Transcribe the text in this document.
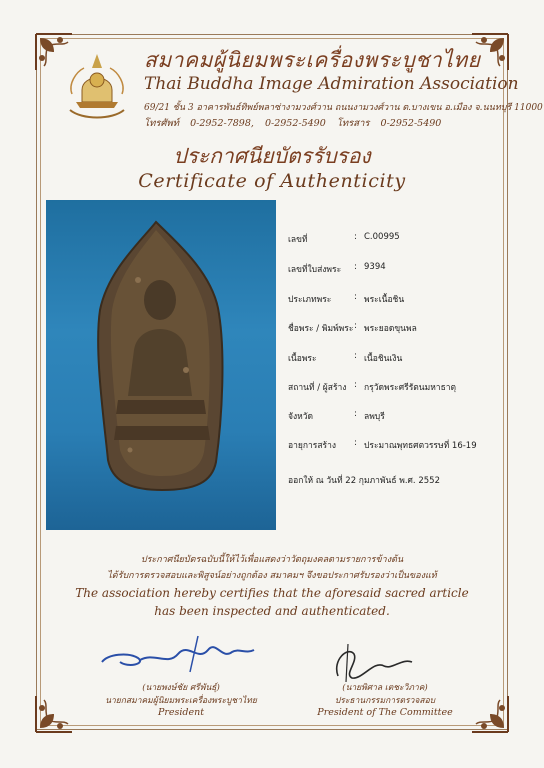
สมาคมผู้นิยมพระเครื่องพระบูชาไทย
Thai Buddha Image Admiration Association
69/21 ชั้น 3 อาคารพันธ์ทิพย์พลาซ่างามวงศ์วาน ถนนงามวงศ์วาน ต.บางเขน อ.เมือง จ.นนทบุรี 11000
โทรศัพท์ 0-2952-7898, 0-2952-5490 โทรสาร 0-2952-5490
ประกาศนียบัตรรับรอง
Certificate of Authenticity
เลขที่	: C.00995
เลขที่ใบส่งพระ : 9394
ประเภทพระ	: พระเนื้อชิน
ชื่อพระ / พิมพ์พระ : พระยอดขุนพล
เนื้อพระ	: เนื้อชินเงิน
สถานที่ / ผู้สร้าง : กรุวัดพระศรีรัตนมหาธาตุ
จังหวัด	: ลพบุรี
อายุการสร้าง : ประมาณพุทธศตวรรษที่ 16-19
ออกให้ ณ วันที่ 22 กุมภาพันธ์ พ.ศ. 2552
ประกาศนียบัตรฉบับนี้ให้ไว้เพื่อแสดงว่าวัตถุมงคลตามรายการข้างต้น
ได้รับการตรวจสอบและพิสูจน์อย่างถูกต้อง สมาคมฯ จึงขอประกาศรับรองว่าเป็นของแท้
The association hereby certifies that the aforesaid sacred article
has been inspected and authenticated.
(นายพงษ์ชัย ศรีพันธุ์)
นายกสมาคมผู้นิยมพระเครื่องพระบูชาไทย
President
(นายพิศาล เตชะวิภาค)
ประธานกรรมการตรวจสอบ
President of The Committee
